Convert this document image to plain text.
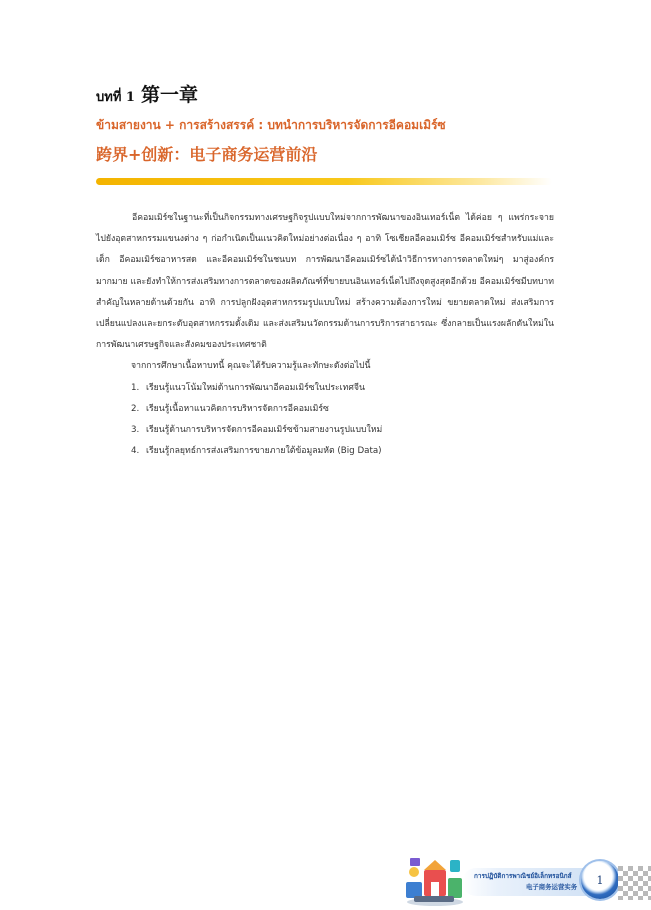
บทที่ 1 第一章
ข้ามสายงาน + การสร้างสรรค์ : บทนำการบริหารจัดการอีคอมเมิร์ซ
跨界+创新：电子商务运营前沿

อีคอมเมิร์ซในฐานะที่เป็นกิจกรรมทางเศรษฐกิจรูปแบบใหม่จากการพัฒนาของอินเทอร์เน็ต ได้ค่อย ๆ แพร่กระจายไปยังอุตสาหกรรมแขนงต่าง ๆ ก่อกำเนิดเป็นแนวคิดใหม่อย่างต่อเนื่อง ๆ อาทิ โซเชียลอีคอมเมิร์ซ อีคอมเมิร์ซสำหรับแม่และเด็ก อีคอมเมิร์ซอาหารสด และอีคอมเมิร์ซในชนบท การพัฒนาอีคอมเมิร์ซได้นำวิธีการทางการตลาดใหม่ๆ มาสู่องค์กรมากมาย และยังทำให้การส่งเสริมทางการตลาดของผลิตภัณฑ์ที่ขายบนอินเทอร์เน็ตไปถึงจุดสูงสุดอีกด้วย อีคอมเมิร์ซมีบทบาทสำคัญในหลายด้านด้วยกัน อาทิ การปลูกฝังอุตสาหกรรมรูปแบบใหม่ สร้างความต้องการใหม่ ขยายตลาดใหม่ ส่งเสริมการเปลี่ยนแปลงและยกระดับอุตสาหกรรมดั้งเดิม และส่งเสริมนวัตกรรมด้านการบริการสาธารณะ ซึ่งกลายเป็นแรงผลักดันใหม่ในการพัฒนาเศรษฐกิจและสังคมของประเทศชาติ

จากการศึกษาเนื้อหาบทนี้ คุณจะได้รับความรู้และทักษะดังต่อไปนี้

1. เรียนรู้แนวโน้มใหม่ด้านการพัฒนาอีคอมเมิร์ซในประเทศจีน
2. เรียนรู้เนื้อหาแนวคิดการบริหารจัดการอีคอมเมิร์ซ
3. เรียนรู้ด้านการบริหารจัดการอีคอมเมิร์ซข้ามสายงานรูปแบบใหม่
4. เรียนรู้กลยุทธ์การส่งเสริมการขายภายใต้ข้อมูลมหัต (Big Data)
การปฏิบัติการพาณิชย์อิเล็กทรอนิกส์
电子商务运营实务
1
